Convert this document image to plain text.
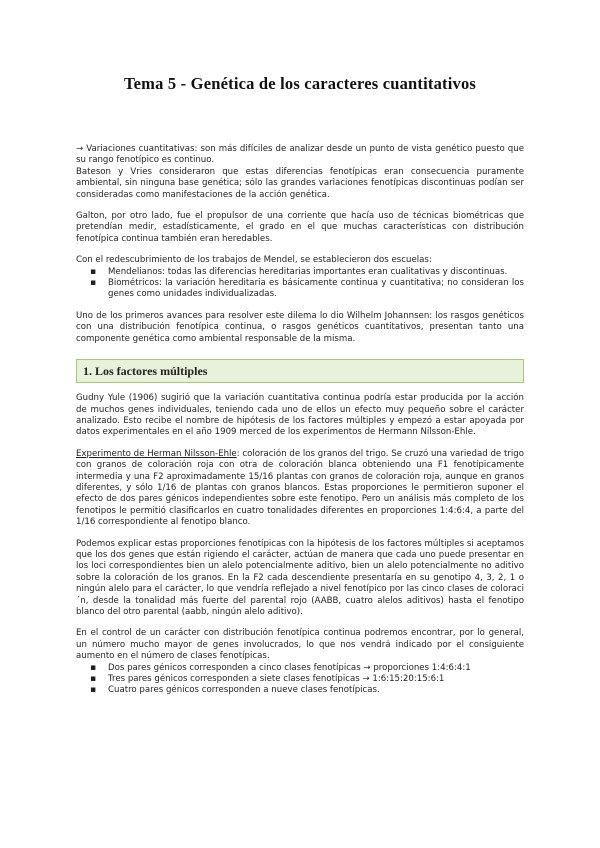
Tema 5 - Genética de los caracteres cuantitativos

→ Variaciones cuantitativas: son más difíciles de analizar desde un punto de vista genético puesto que su rango fenotípico es continuo.

Bateson y Vries consideraron que estas diferencias fenotípicas eran consecuencia puramente ambiental, sin ninguna base genética; sólo las grandes variaciones fenotípicas discontinuas podían ser consideradas como manifestaciones de la acción genética.

Galton, por otro lado, fue el propulsor de una corriente que hacía uso de técnicas biométricas que pretendían medir, estadísticamente, el grado en el que muchas características con distribución fenotípica continua también eran heredables.

Con el redescubrimiento de los trabajos de Mendel, se establecieron dos escuelas:

▪ Mendelianos: todas las diferencias hereditarias importantes eran cualitativas y discontinuas.
▪ Biométricos: la variación hereditaria es básicamente continua y cuantitativa; no consideran los genes como unidades individualizadas.

Uno de los primeros avances para resolver este dilema lo dio Wilhelm Johannsen: los rasgos genéticos con una distribución fenotípica continua, o rasgos genéticos cuantitativos, presentan tanto una componente genética como ambiental responsable de la misma.

1. Los factores múltiples

Gudny Yule (1906) sugirió que la variación cuantitativa continua podría estar producida por la acción de muchos genes individuales, teniendo cada uno de ellos un efecto muy pequeño sobre el carácter analizado. Esto recibe el nombre de hipótesis de los factores múltiples y empezó a estar apoyada por datos experimentales en el año 1909 merced de los experimentos de Hermann Nilsson-Ehle.

Experimento de Herman Nilsson-Ehle: coloración de los granos del trigo. Se cruzó una variedad de trigo con granos de coloración roja con otra de coloración blanca obteniendo una F1 fenotípicamente intermedia y una F2 aproximadamente 15/16 plantas con granos de coloración roja, aunque en granos diferentes, y sólo 1/16 de plantas con granos blancos. Estas proporciones le permitieron suponer el efecto de dos pares génicos independientes sobre este fenotipo. Pero un análisis más completo de los fenotipos le permitió clasificarlos en cuatro tonalidades diferentes en proporciones 1:4:6:4, a parte del 1/16 correspondiente al fenotipo blanco.

Podemos explicar estas proporciones fenotípicas con la hipótesis de los factores múltiples si aceptamos que los dos genes que están rigiendo el carácter, actúan de manera que cada uno puede presentar en los loci correspondientes bien un alelo potencialmente aditivo, bien un alelo potencialmente no aditivo sobre la coloración de los granos. En la F2 cada descendiente presentaría en su genotipo 4, 3, 2, 1 o ningún alelo para el carácter, lo que vendría reflejado a nivel fenotípico por las cinco clases de coloraci´n, desde la tonalidad más fuerte del parental rojo (AABB, cuatro alelos aditivos) hasta el fenotipo blanco del otro parental (aabb, ningún alelo aditivo).

En el control de un carácter con distribución fenotípica continua podremos encontrar, por lo general, un número mucho mayor de genes involucrados, lo que nos vendrá indicado por el consiguiente aumento en el número de clases fenotípicas.

▪ Dos pares génicos corresponden a cinco clases fenotípicas → proporciones 1:4:6:4:1
▪ Tres pares génicos corresponden a siete clases fenotípicas → 1:6:15:20:15:6:1
▪ Cuatro pares génicos corresponden a nueve clases fenotípicas.
